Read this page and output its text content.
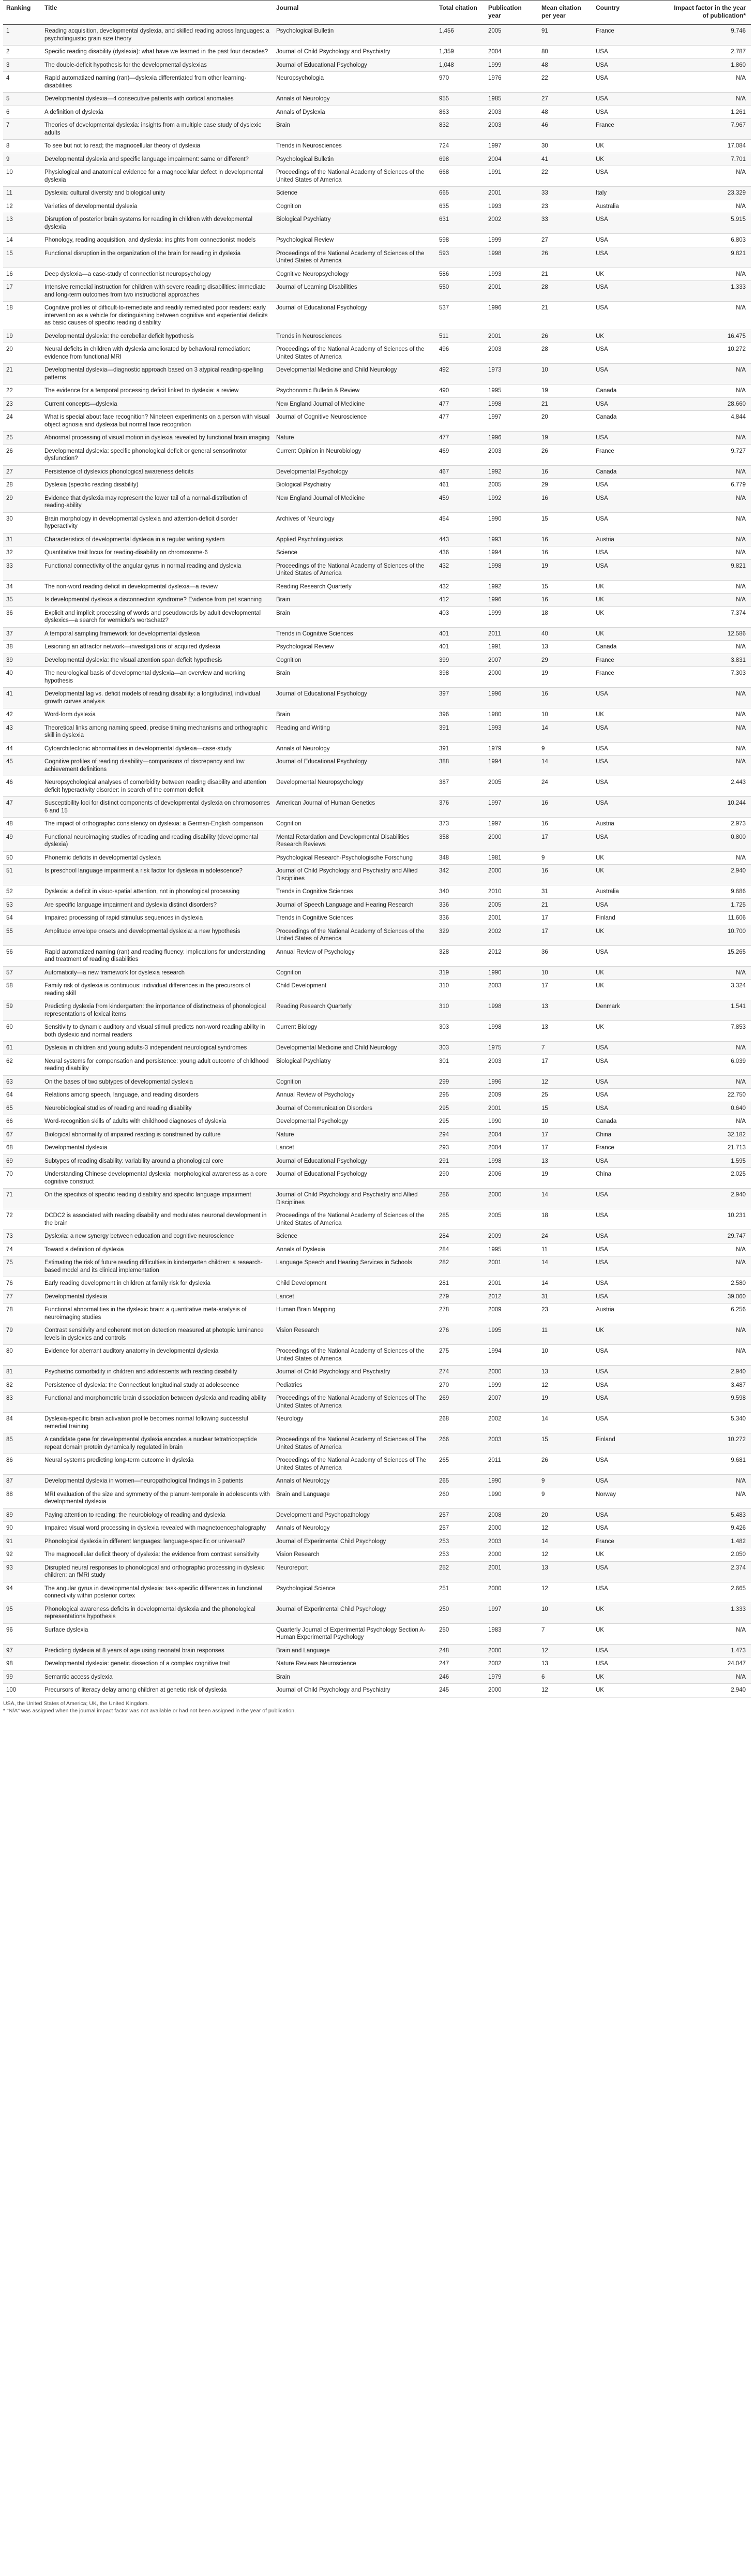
Ranking	Title	Journal	Total citation	Publication year	Mean citation per year	Country	Impact factor in the year of publication*
1	Reading acquisition, developmental dyslexia, and skilled reading across languages: a psycholinguistic grain size theory	Psychological Bulletin	1,456	2005	91	France	9.746
2	Specific reading disability (dyslexia): what have we learned in the past four decades?	Journal of Child Psychology and Psychiatry	1,359	2004	80	USA	2.787
3	The double-deficit hypothesis for the developmental dyslexias	Journal of Educational Psychology	1,048	1999	48	USA	1.860
4	Rapid automatized naming (ran)—dyslexia differentiated from other learning-disabilities	Neuropsychologia	970	1976	22	USA	N/A
5	Developmental dyslexia—4 consecutive patients with cortical anomalies	Annals of Neurology	955	1985	27	USA	N/A
6	A definition of dyslexia	Annals of Dyslexia	863	2003	48	USA	1.261
7	Theories of developmental dyslexia: insights from a multiple case study of dyslexic adults	Brain	832	2003	46	France	7.967
8	To see but not to read; the magnocellular theory of dyslexia	Trends in Neurosciences	724	1997	30	UK	17.084
9	Developmental dyslexia and specific language impairment: same or different?	Psychological Bulletin	698	2004	41	UK	7.701
10	Physiological and anatomical evidence for a magnocellular defect in developmental dyslexia	Proceedings of the National Academy of Sciences of the United States of America	668	1991	22	USA	N/A
11	Dyslexia: cultural diversity and biological unity	Science	665	2001	33	Italy	23.329
12	Varieties of developmental dyslexia	Cognition	635	1993	23	Australia	N/A
13	Disruption of posterior brain systems for reading in children with developmental dyslexia	Biological Psychiatry	631	2002	33	USA	5.915
14	Phonology, reading acquisition, and dyslexia: insights from connectionist models	Psychological Review	598	1999	27	USA	6.803
15	Functional disruption in the organization of the brain for reading in dyslexia	Proceedings of the National Academy of Sciences of the United States of America	593	1998	26	USA	9.821
16	Deep dyslexia—a case-study of connectionist neuropsychology	Cognitive Neuropsychology	586	1993	21	UK	N/A
17	Intensive remedial instruction for children with severe reading disabilities: immediate and long-term outcomes from two instructional approaches	Journal of Learning Disabilities	550	2001	28	USA	1.333
18	Cognitive profiles of difficult-to-remediate and readily remediated poor readers: early intervention as a vehicle for distinguishing between cognitive and experiential deficits as basic causes of specific reading disability	Journal of Educational Psychology	537	1996	21	USA	N/A
19	Developmental dyslexia: the cerebellar deficit hypothesis	Trends in Neurosciences	511	2001	26	UK	16.475
20	Neural deficits in children with dyslexia ameliorated by behavioral remediation: evidence from functional MRI	Proceedings of the National Academy of Sciences of the United States of America	496	2003	28	USA	10.272
21	Developmental dyslexia—diagnostic approach based on 3 atypical reading-spelling patterns	Developmental Medicine and Child Neurology	492	1973	10	USA	N/A
22	The evidence for a temporal processing deficit linked to dyslexia: a review	Psychonomic Bulletin & Review	490	1995	19	Canada	N/A
23	Current concepts—dyslexia	New England Journal of Medicine	477	1998	21	USA	28.660
24	What is special about face recognition? Nineteen experiments on a person with visual object agnosia and dyslexia but normal face recognition	Journal of Cognitive Neuroscience	477	1997	20	Canada	4.844
25	Abnormal processing of visual motion in dyslexia revealed by functional brain imaging	Nature	477	1996	19	USA	N/A
26	Developmental dyslexia: specific phonological deficit or general sensorimotor dysfunction?	Current Opinion in Neurobiology	469	2003	26	France	9.727
27	Persistence of dyslexics phonological awareness deficits	Developmental Psychology	467	1992	16	Canada	N/A
28	Dyslexia (specific reading disability)	Biological Psychiatry	461	2005	29	USA	6.779
29	Evidence that dyslexia may represent the lower tail of a normal-distribution of reading-ability	New England Journal of Medicine	459	1992	16	USA	N/A
30	Brain morphology in developmental dyslexia and attention-deficit disorder hyperactivity	Archives of Neurology	454	1990	15	USA	N/A
31	Characteristics of developmental dyslexia in a regular writing system	Applied Psycholinguistics	443	1993	16	Austria	N/A
32	Quantitative trait locus for reading-disability on chromosome-6	Science	436	1994	16	USA	N/A
33	Functional connectivity of the angular gyrus in normal reading and dyslexia	Proceedings of the National Academy of Sciences of the United States of America	432	1998	19	USA	9.821
34	The non-word reading deficit in developmental dyslexia—a review	Reading Research Quarterly	432	1992	15	UK	N/A
35	Is developmental dyslexia a disconnection syndrome? Evidence from pet scanning	Brain	412	1996	16	UK	N/A
36	Explicit and implicit processing of words and pseudowords by adult developmental dyslexics—a search for wernicke's wortschatz?	Brain	403	1999	18	UK	7.374
37	A temporal sampling framework for developmental dyslexia	Trends in Cognitive Sciences	401	2011	40	UK	12.586
38	Lesioning an attractor network—investigations of acquired dyslexia	Psychological Review	401	1991	13	Canada	N/A
39	Developmental dyslexia: the visual attention span deficit hypothesis	Cognition	399	2007	29	France	3.831
40	The neurological basis of developmental dyslexia—an overview and working hypothesis	Brain	398	2000	19	France	7.303
41	Developmental lag vs. deficit models of reading disability: a longitudinal, individual growth curves analysis	Journal of Educational Psychology	397	1996	16	USA	N/A
42	Word-form dyslexia	Brain	396	1980	10	UK	N/A
43	Theoretical links among naming speed, precise timing mechanisms and orthographic skill in dyslexia	Reading and Writing	391	1993	14	USA	N/A
44	Cytoarchitectonic abnormalities in developmental dyslexia—case-study	Annals of Neurology	391	1979	9	USA	N/A
45	Cognitive profiles of reading disability—comparisons of discrepancy and low achievement definitions	Journal of Educational Psychology	388	1994	14	USA	N/A
46	Neuropsychological analyses of comorbidity between reading disability and attention deficit hyperactivity disorder: in search of the common deficit	Developmental Neuropsychology	387	2005	24	USA	2.443
47	Susceptibility loci for distinct components of developmental dyslexia on chromosomes 6 and 15	American Journal of Human Genetics	376	1997	16	USA	10.244
48	The impact of orthographic consistency on dyslexia: a German-English comparison	Cognition	373	1997	16	Austria	2.973
49	Functional neuroimaging studies of reading and reading disability (developmental dyslexia)	Mental Retardation and Developmental Disabilities Research Reviews	358	2000	17	USA	0.800
50	Phonemic deficits in developmental dyslexia	Psychological Research-Psychologische Forschung	348	1981	9	UK	N/A
51	Is preschool language impairment a risk factor for dyslexia in adolescence?	Journal of Child Psychology and Psychiatry and Allied Disciplines	342	2000	16	UK	2.940
52	Dyslexia: a deficit in visuo-spatial attention, not in phonological processing	Trends in Cognitive Sciences	340	2010	31	Australia	9.686
53	Are specific language impairment and dyslexia distinct disorders?	Journal of Speech Language and Hearing Research	336	2005	21	USA	1.725
54	Impaired processing of rapid stimulus sequences in dyslexia	Trends in Cognitive Sciences	336	2001	17	Finland	11.606
55	Amplitude envelope onsets and developmental dyslexia: a new hypothesis	Proceedings of the National Academy of Sciences of the United States of America	329	2002	17	UK	10.700
56	Rapid automatized naming (ran) and reading fluency: implications for understanding and treatment of reading disabilities	Annual Review of Psychology	328	2012	36	USA	15.265
57	Automaticity—a new framework for dyslexia research	Cognition	319	1990	10	UK	N/A
58	Family risk of dyslexia is continuous: individual differences in the precursors of reading skill	Child Development	310	2003	17	UK	3.324
59	Predicting dyslexia from kindergarten: the importance of distinctness of phonological representations of lexical items	Reading Research Quarterly	310	1998	13	Denmark	1.541
60	Sensitivity to dynamic auditory and visual stimuli predicts non-word reading ability in both dyslexic and normal readers	Current Biology	303	1998	13	UK	7.853
61	Dyslexia in children and young adults-3 independent neurological syndromes	Developmental Medicine and Child Neurology	303	1975	7	USA	N/A
62	Neural systems for compensation and persistence: young adult outcome of childhood reading disability	Biological Psychiatry	301	2003	17	USA	6.039
63	On the bases of two subtypes of developmental dyslexia	Cognition	299	1996	12	USA	N/A
64	Relations among speech, language, and reading disorders	Annual Review of Psychology	295	2009	25	USA	22.750
65	Neurobiological studies of reading and reading disability	Journal of Communication Disorders	295	2001	15	USA	0.640
66	Word-recognition skills of adults with childhood diagnoses of dyslexia	Developmental Psychology	295	1990	10	Canada	N/A
67	Biological abnormality of impaired reading is constrained by culture	Nature	294	2004	17	China	32.182
68	Developmental dyslexia	Lancet	293	2004	17	France	21.713
69	Subtypes of reading disability: variability around a phonological core	Journal of Educational Psychology	291	1998	13	USA	1.595
70	Understanding Chinese developmental dyslexia: morphological awareness as a core cognitive construct	Journal of Educational Psychology	290	2006	19	China	2.025
71	On the specifics of specific reading disability and specific language impairment	Journal of Child Psychology and Psychiatry and Allied Disciplines	286	2000	14	USA	2.940
72	DCDC2 is associated with reading disability and modulates neuronal development in the brain	Proceedings of the National Academy of Sciences of the United States of America	285	2005	18	USA	10.231
73	Dyslexia: a new synergy between education and cognitive neuroscience	Science	284	2009	24	USA	29.747
74	Toward a definition of dyslexia	Annals of Dyslexia	284	1995	11	USA	N/A
75	Estimating the risk of future reading difficulties in kindergarten children: a research-based model and its clinical implementation	Language Speech and Hearing Services in Schools	282	2001	14	USA	N/A
76	Early reading development in children at family risk for dyslexia	Child Development	281	2001	14	USA	2.580
77	Developmental dyslexia	Lancet	279	2012	31	USA	39.060
78	Functional abnormalities in the dyslexic brain: a quantitative meta-analysis of neuroimaging studies	Human Brain Mapping	278	2009	23	Austria	6.256
79	Contrast sensitivity and coherent motion detection measured at photopic luminance levels in dyslexics and controls	Vision Research	276	1995	11	UK	N/A
80	Evidence for aberrant auditory anatomy in developmental dyslexia	Proceedings of the National Academy of Sciences of the United States of America	275	1994	10	USA	N/A
81	Psychiatric comorbidity in children and adolescents with reading disability	Journal of Child Psychology and Psychiatry	274	2000	13	USA	2.940
82	Persistence of dyslexia: the Connecticut longitudinal study at adolescence	Pediatrics	270	1999	12	USA	3.487
83	Functional and morphometric brain dissociation between dyslexia and reading ability	Proceedings of the National Academy of Sciences of The United States of America	269	2007	19	USA	9.598
84	Dyslexia-specific brain activation profile becomes normal following successful remedial training	Neurology	268	2002	14	USA	5.340
85	A candidate gene for developmental dyslexia encodes a nuclear tetratricopeptide repeat domain protein dynamically regulated in brain	Proceedings of the National Academy of Sciences of The United States of America	266	2003	15	Finland	10.272
86	Neural systems predicting long-term outcome in dyslexia	Proceedings of the National Academy of Sciences of The United States of America	265	2011	26	USA	9.681
87	Developmental dyslexia in women—neuropathological findings in 3 patients	Annals of Neurology	265	1990	9	USA	N/A
88	MRI evaluation of the size and symmetry of the planum-temporale in adolescents with developmental dyslexia	Brain and Language	260	1990	9	Norway	N/A
89	Paying attention to reading: the neurobiology of reading and dyslexia	Development and Psychopathology	257	2008	20	USA	5.483
90	Impaired visual word processing in dyslexia revealed with magnetoencephalography	Annals of Neurology	257	2000	12	USA	9.426
91	Phonological dyslexia in different languages: language-specific or universal?	Journal of Experimental Child Psychology	253	2003	14	France	1.482
92	The magnocellular deficit theory of dyslexia: the evidence from contrast sensitivity	Vision Research	253	2000	12	UK	2.050
93	Disrupted neural responses to phonological and orthographic processing in dyslexic children: an fMRI study	Neuroreport	252	2001	13	USA	2.374
94	The angular gyrus in developmental dyslexia: task-specific differences in functional connectivity within posterior cortex	Psychological Science	251	2000	12	USA	2.665
95	Phonological awareness deficits in developmental dyslexia and the phonological representations hypothesis	Journal of Experimental Child Psychology	250	1997	10	UK	1.333
96	Surface dyslexia	Quarterly Journal of Experimental Psychology Section A-Human Experimental Psychology	250	1983	7	UK	N/A
97	Predicting dyslexia at 8 years of age using neonatal brain responses	Brain and Language	248	2000	12	USA	1.473
98	Developmental dyslexia: genetic dissection of a complex cognitive trait	Nature Reviews Neuroscience	247	2002	13	USA	24.047
99	Semantic access dyslexia	Brain	246	1979	6	UK	N/A
100	Precursors of literacy delay among children at genetic risk of dyslexia	Journal of Child Psychology and Psychiatry	245	2000	12	UK	2.940
USA, the United States of America; UK, the United Kingdom.
* "N/A" was assigned when the journal impact factor was not available or had not been assigned in the year of publication.
